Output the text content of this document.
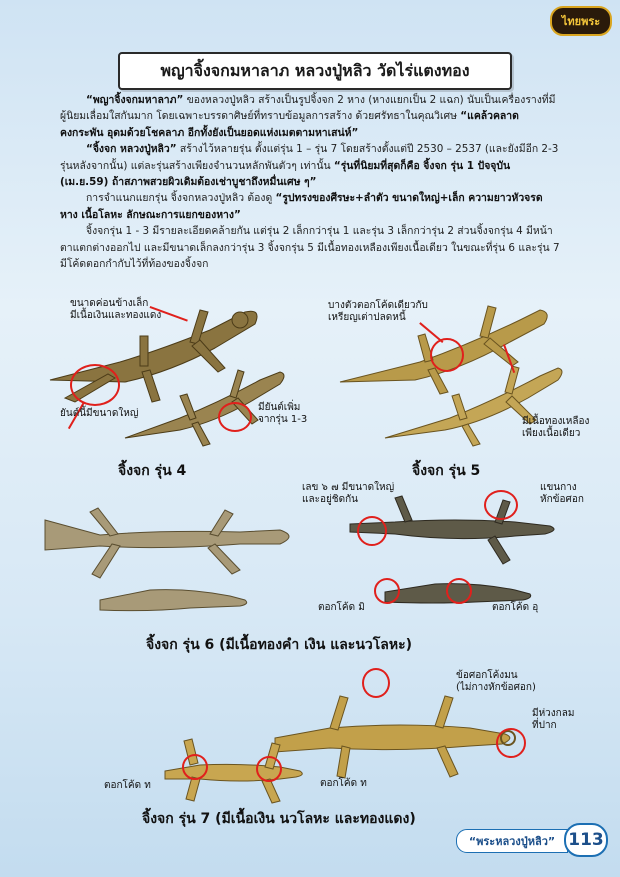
ไทยพระ
พญาจิ้งจกมหาลาภ หลวงปู่หลิว วัดไร่แตงทอง

“พญาจิ้งจกมหาลาภ” ของหลวงปู่หลิว สร้างเป็นรูปจิ้งจก 2 หาง (หางแยกเป็น 2 แฉก) นับเป็นเครื่องรางที่มีผู้นิยมเลื่อมใสกันมาก โดยเฉพาะบรรดาศิษย์ที่ทราบข้อมูลการสร้าง ด้วยศรัทธาในคุณวิเศษ “แคล้วคลาดคงกระพัน อุดมด้วยโชคลาภ อีกทั้งยังเป็นยอดแห่งเมตตามหาเสน่ห์”

“จิ้งจก หลวงปู่หลิว” สร้างไว้หลายรุ่น ตั้งแต่รุ่น 1 – รุ่น 7 โดยสร้างตั้งแต่ปี 2530 – 2537 (และยังมีอีก 2-3 รุ่นหลังจากนั้น) แต่ละรุ่นสร้างเพียงจำนวนหลักพันตัวๆ เท่านั้น “รุ่นที่นิยมที่สุดก็คือ จิ้งจก รุ่น 1 ปัจจุบัน (เม.ย.59) ถ้าสภาพสวยผิวเดิมต้องเช่าบูชาถึงหมื่นเศษ ๆ”

การจำแนกแยกรุ่น จิ้งจกหลวงปู่หลิว ต้องดู “รูปทรงของศีรษะ+ลำตัว ขนาดใหญ่+เล็ก ความยาวหัวจรดหาง เนื้อโลหะ ลักษณะการแยกของหาง”

จิ้งจกรุ่น 1 - 3 มีรายละเอียดคล้ายกัน แต่รุ่น 2 เล็กกว่ารุ่น 1 และรุ่น 3 เล็กกว่ารุ่น 2 ส่วนจิ้งจกรุ่น 4 มีหน้าตาแตกต่างออกไป และมีขนาดเล็กลงกว่ารุ่น 3 จิ้งจกรุ่น 5 มีเนื้อทองเหลืองเพียงเนื้อเดียว ในขณะที่รุ่น 6 และรุ่น 7 มีโค้ดตอกกำกับไว้ที่ท้องของจิ้งจก

ขนาดค่อนข้างเล็ก
มีเนื้อเงินและทองแดง
ยันต์นี้มีขนาดใหญ่
มียันต์เพิ่ม
จากรุ่น 1-3
จิ้งจก รุ่น 4
บางตัวตอกโค้ดเดียวกับ
เหรียญเต่าปลดหนี้
มีเนื้อทองเหลือง
เพียงเนื้อเดียว
จิ้งจก รุ่น 5
เลข ๖ ๗ มีขนาดใหญ่
และอยู่ชิดกัน
แขนกาง
หักข้อศอก
ตอกโค้ด มิ	ตอกโค้ด อุ
จิ้งจก รุ่น 6 (มีเนื้อทองคำ เงิน และนวโลหะ)
ข้อศอกโค้งมน
(ไม่กางหักข้อศอก)
มีห่วงกลม
ที่ปาก
ตอกโค้ด ท	ตอกโค้ด ท
จิ้งจก รุ่น 7 (มีเนื้อเงิน นวโลหะ และทองแดง)
“พระหลวงปู่หลิว” 113
